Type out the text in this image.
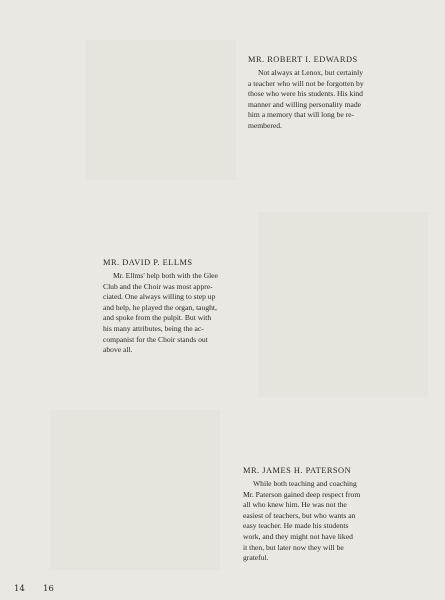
MR. ROBERT I. EDWARDS

Not always at Lenox, but certainly
a teacher who will not be forgotten by
those who were his students. His kind
manner and willing personality made
him a memory that will long be re-
membered.

MR. DAVID P. ELLMS

Mr. Ellms' help both with the Glee
Club and the Choir was most appre-
ciated. One always willing to step up
and help, he played the organ, taught,
and spoke from the pulpit. But with
his many attributes, being the ac-
companist for the Choir stands out
above all.

MR. JAMES H. PATERSON

While both teaching and coaching
Mr. Paterson gained deep respect from
all who knew him. He was not the
easiest of teachers, but who wants an
easy teacher. He made his students
work, and they might not have liked
it then, but later now they will be
grateful.

14 16
